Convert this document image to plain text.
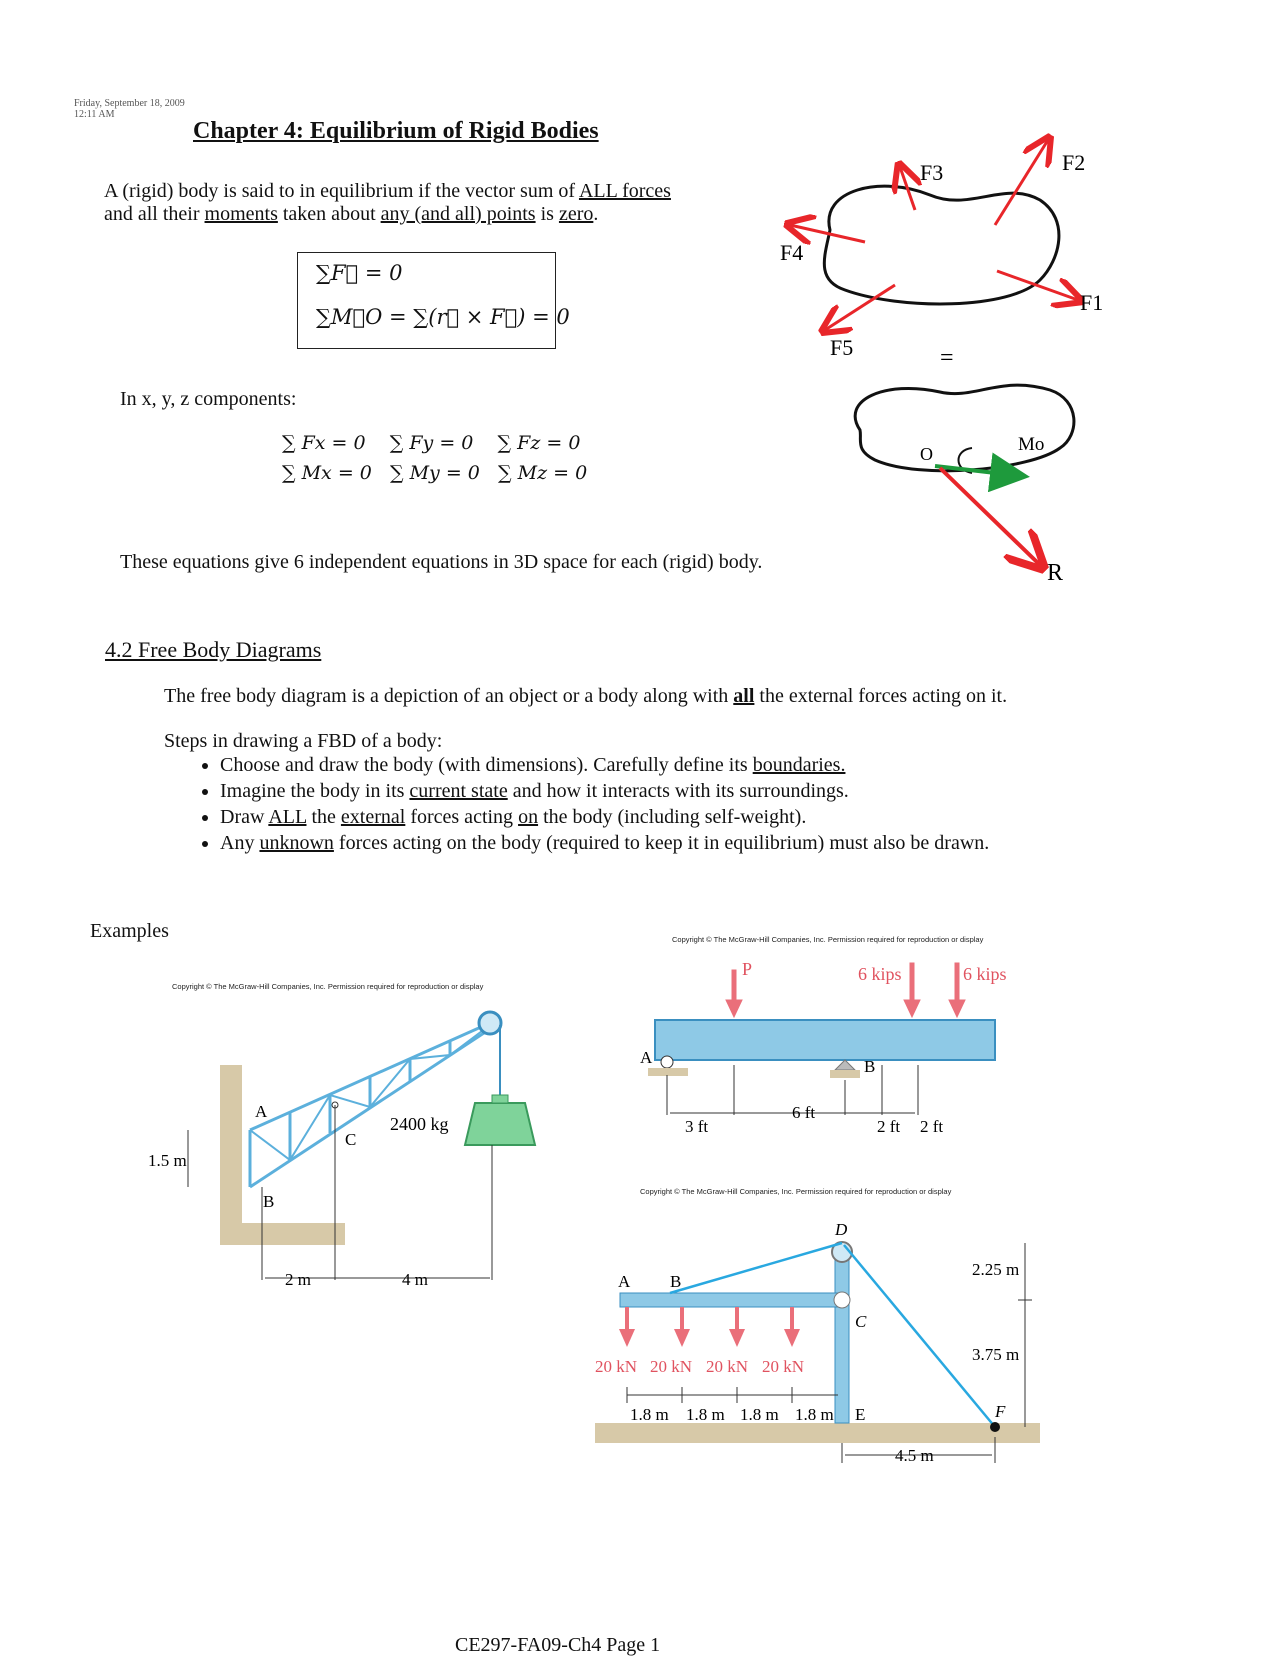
Friday, September 18, 2009
12:11 AM
Chapter 4: Equilibrium of Rigid Bodies
A (rigid) body is said to in equilibrium if the vector sum of ALL forces
and all their moments taken about any (and all) points is zero.
∑F⃗ = 0
∑M⃗O = ∑(r⃗ × F⃗) = 0
In x, y, z components:
∑ Fx = 0 ∑ Fy = 0 ∑ Fz = 0
∑ Mx = 0 ∑ My = 0 ∑ Mz = 0
These equations give 6 independent equations in 3D space for each (rigid) body.
F3	F2
F4
F1
F5	=
O	Mo
R
4.2 Free Body Diagrams
The free body diagram is a depiction of an object or a body along with all the external forces acting on it.
Steps in drawing a FBD of a body:
• Choose and draw the body (with dimensions). Carefully define its boundaries.
• Imagine the body in its current state and how it interacts with its surroundings.
• Draw ALL the external forces acting on the body (including self-weight).
• Any unknown forces acting on the body (required to keep it in equilibrium) must also be drawn.
Examples
Copyright © The McGraw-Hill Companies, Inc. Permission required for reproduction or display
A
B
C
2400 kg
1.5 m
2 m	4 m
Copyright © The McGraw-Hill Companies, Inc. Permission required for reproduction or display
P	6 kips	6 kips
A	B
3 ft
6 ft
2 ft 2 ft
Copyright © The McGraw-Hill Companies, Inc. Permission required for reproduction or display
D
A B
C
E	F
20 kN 20 kN 20 kN 20 kN
1.8 m 1.8 m 1.8 m 1.8 m
2.25 m
3.75 m
4.5 m
CE297-FA09-Ch4 Page 1
